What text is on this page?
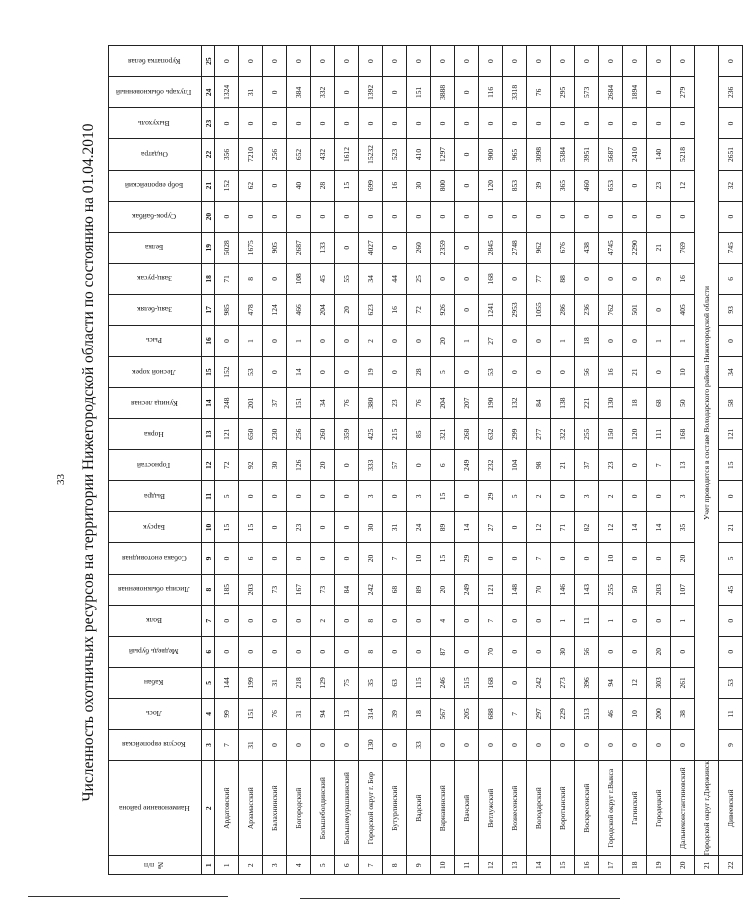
33 Численность охотничьих ресурсов на территории Нижегородской области по состоянию на 01.04.2010
№ п/п	Наименование района	Косуля европейская	Лось	Кабан	Медведь бурый	Волк	Лисица обыкновенная	Собака енотовидная	Барсук	Выдра	Горностай	Норка	Куница лесная	Лесной хорек	Рысь	Заяц-беляк	Заяц-русак	Белка	Сурок-байбак	Бобр европейский	Ондатра	Выхухоль	Глухарь обыкновенный	Куропатка белая
1	2	3	4	5	6	7	8	9	10	11	12	13	14	15	16	17	18	19	20	21	22	23	24	25
1	Ардатовский	7	99	144	0	0	185	0	15	5	72	121	248	152	0	985	71	5028	0	152	356	0	1324	0
2	Арзамасский	31	151	199	0	0	203	6	15	0	92	650	201	53	1	478	8	1675	0	62	7210	0	31	0
3	Балахнинский	0	76	31	0	0	73	0	0	0	30	230	37	0	0	124	0	905	0	0	256	0	0	0
4	Богородский	0	31	218	0	0	167	0	23	0	126	256	151	14	1	466	108	2687	0	40	652	0	384	0
5	Большеболдинский	0	94	129	0	2	73	0	0	0	20	260	34	0	0	204	45	133	0	28	432	0	332	0
6	Большемурашкинский	0	13	75	0	0	84	0	0	0	0	359	76	0	0	20	55	0	0	15	1612	0	0	0
7	Городской округ г. Бор	130	314	35	8	8	242	20	30	3	333	425	380	19	2	623	34	4027	0	699	15232	0	1392	0
8	Бутурлинский	0	39	63	0	0	68	7	31	0	57	215	23	0	0	16	44	0	0	16	523	0	0	0
9	Вадский	33	18	115	0	0	89	10	24	3	0	85	76	28	0	72	25	260	0	30	410	0	151	0
10	Варнавинский	0	567	246	87	4	20	15	89	15	6	321	204	5	20	926	0	2359	0	800	1297	0	3888	0
11	Вачский	0	205	515	0	0	249	29	14	0	249	268	207	0	1	0	0	0	0	0	0	0	0	0
12	Ветлужский	0	688	168	70	7	121	0	27	29	232	632	190	53	27	1241	168	2845	0	120	900	0	116	0
13	Вознесенский	0	7	0	0	0	148	0	0	5	104	299	132	0	0	2953	0	2748	0	853	965	0	3318	0
14	Володарский	0	297	242	0	0	70	7	12	2	98	277	84	0	0	1055	77	962	0	39	3098	0	76	0
15	Воротынский	0	229	273	30	1	146	0	71	0	21	322	138	0	1	286	88	676	0	365	5384	0	295	0
16	Воскресенский	0	513	396	56	11	143	0	82	3	37	255	221	56	18	236	0	438	0	460	3951	0	573	0
17	Городской округ г.Выкса	0	46	94	0	1	255	10	12	2	23	150	130	16	0	762	0	4745	0	653	5687	0	2684	0
18	Гагинский	0	10	12	0	0	50	0	14	0	0	120	18	21	0	501	0	2290	0	0	2410	0	1894	0
19	Городецкий	0	200	303	20	0	203	0	14	0	7	111	68	0	1	0	9	21	0	23	140	0	0	0
20	Дальнеконстантиновский	0	38	261	0	1	107	20	35	3	13	168	50	10	1	405	16	769	0	12	5218	0	279	0
21	Городской округ г.Дзержинск	Учет проводится в составе Володарского района Нижегородской области																						
22	Дивеевский	9	11	53	0	0	45	5	21	0	15	121	58	34	0	93	6	745	0	32	2651	0	236	0
